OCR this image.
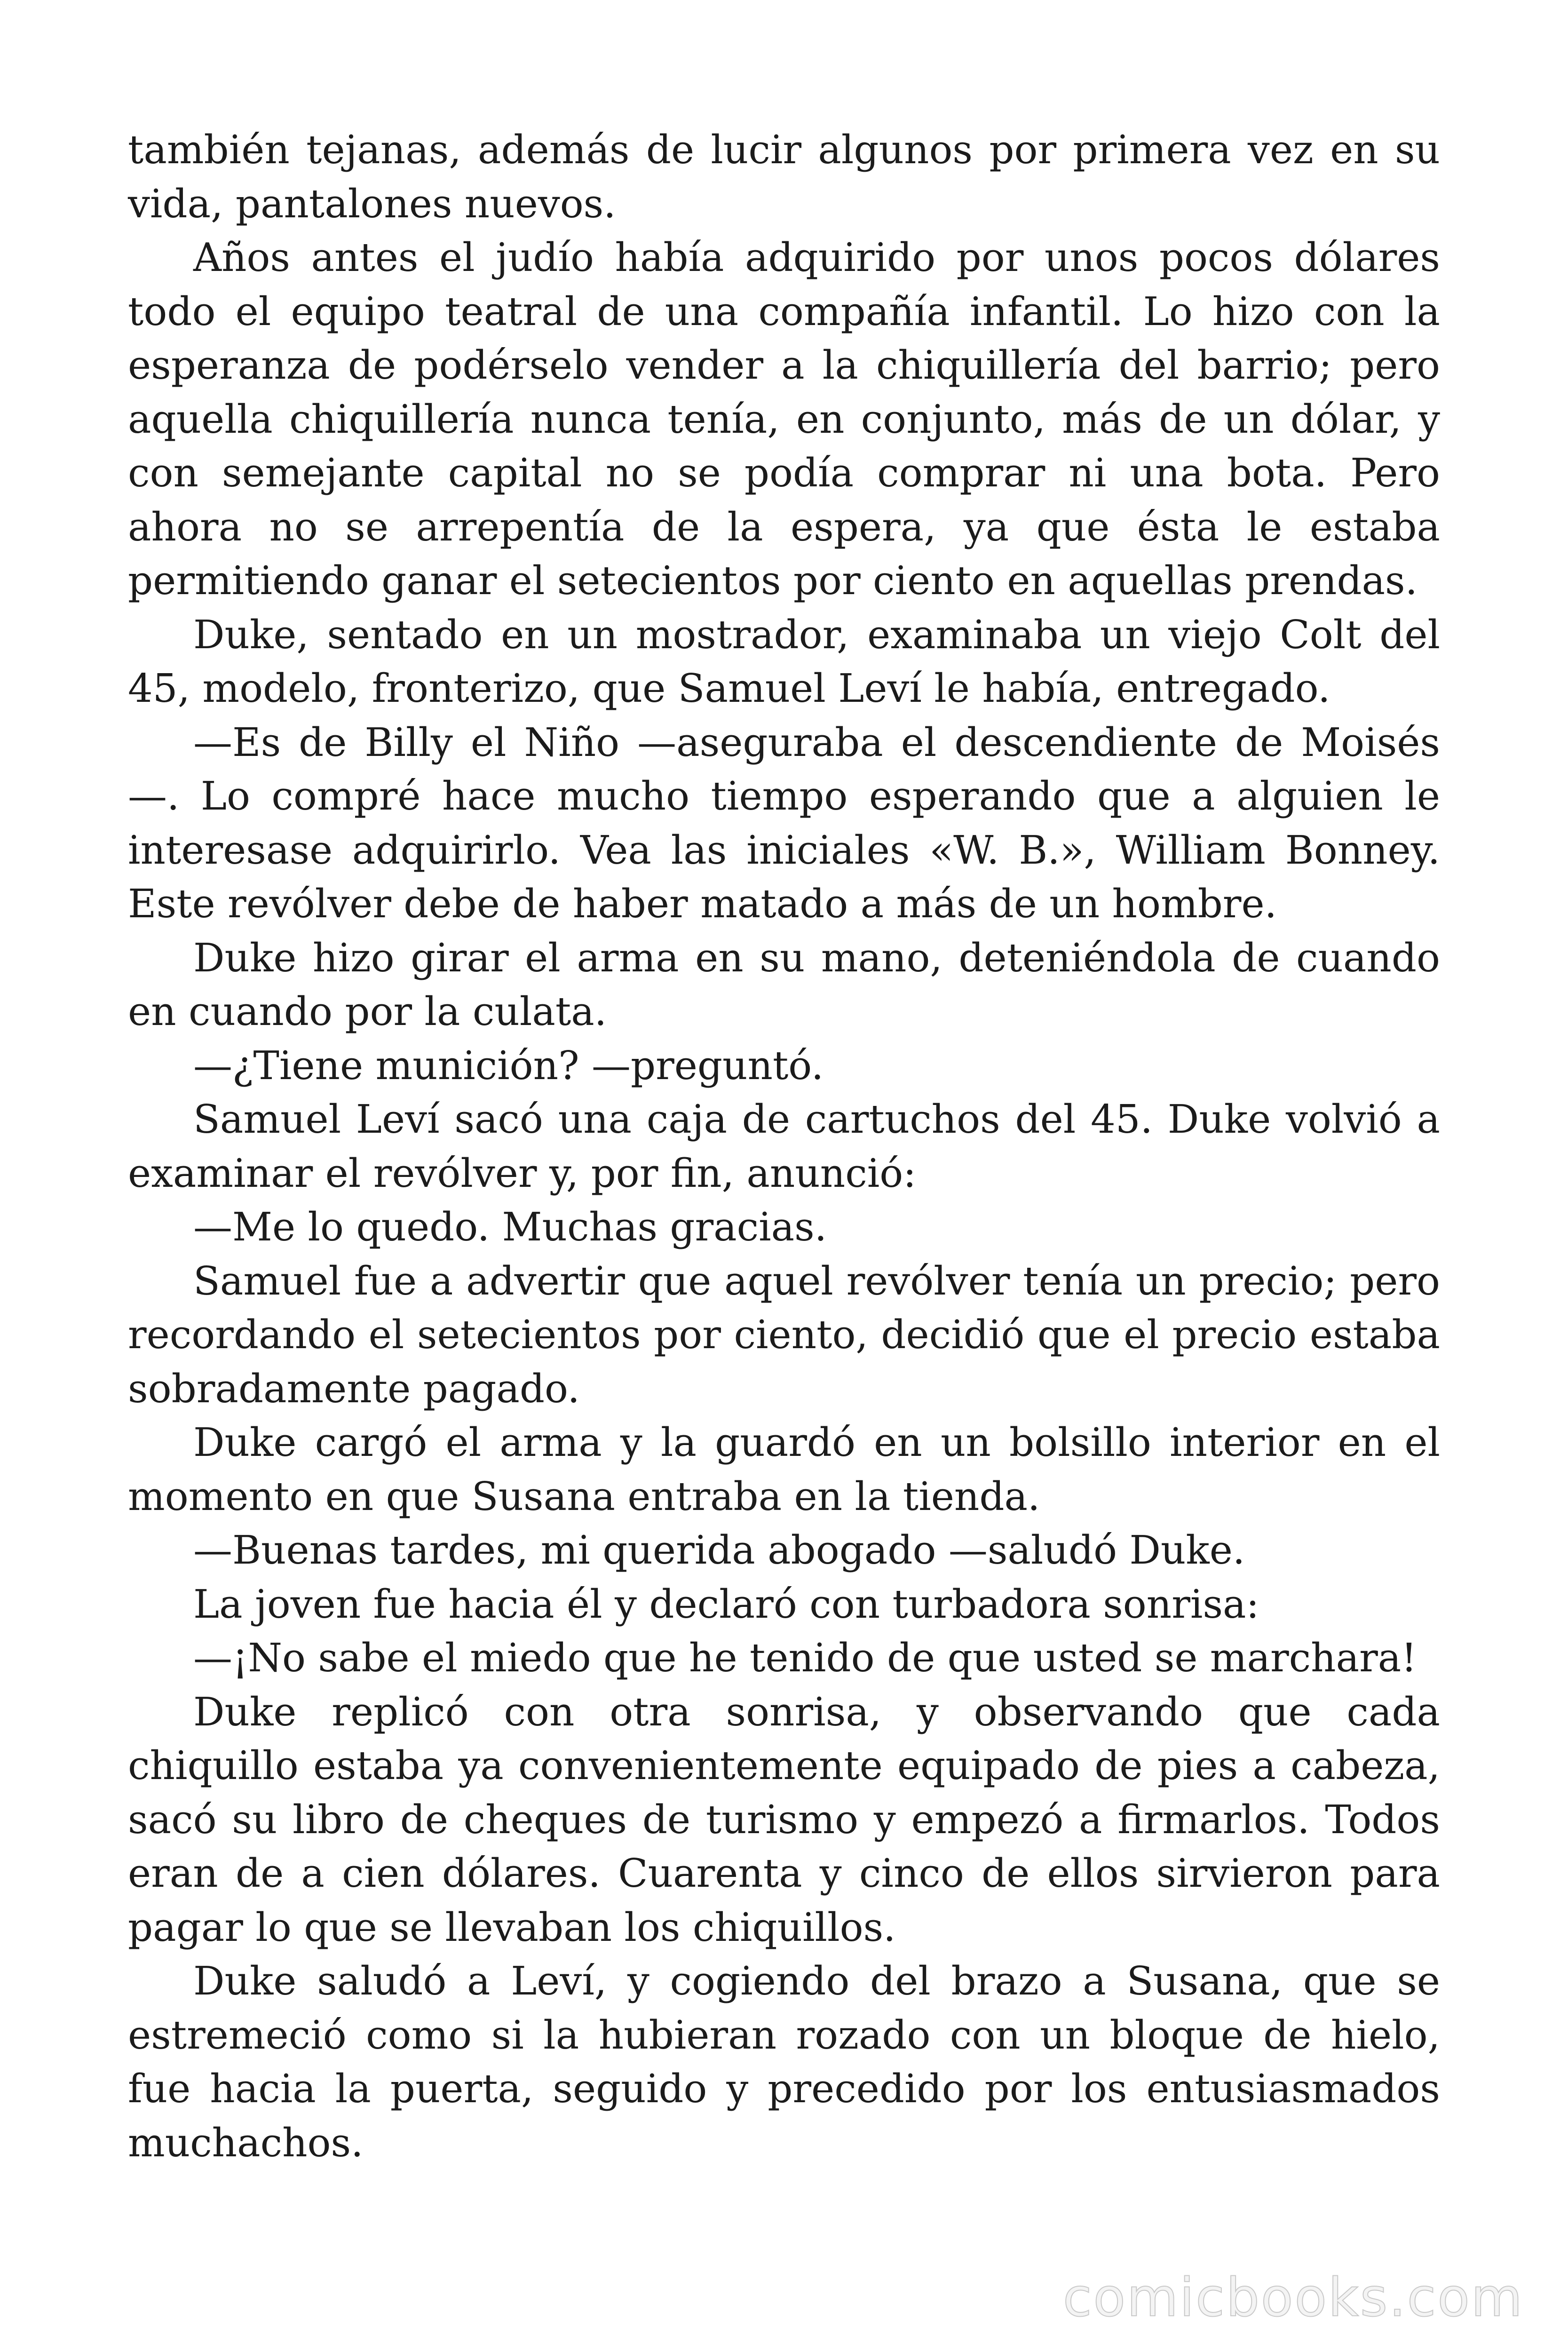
también tejanas, además de lucir algunos por primera vez en su vida, pantalones nuevos.

Años antes el judío había adquirido por unos pocos dólares todo el equipo teatral de una compañía infantil. Lo hizo con la esperanza de podérselo vender a la chiquillería del barrio; pero aquella chiquillería nunca tenía, en conjunto, más de un dólar, y con semejante capital no se podía comprar ni una bota. Pero ahora no se arrepentía de la espera, ya que ésta le estaba permitiendo ganar el setecientos por ciento en aquellas prendas.

Duke, sentado en un mostrador, examinaba un viejo Colt del 45, modelo, fronterizo, que Samuel Leví le había, entregado.

—Es de Billy el Niño —aseguraba el descendiente de Moisés—. Lo compré hace mucho tiempo esperando que a alguien le interesase adquirirlo. Vea las iniciales «W. B.», William Bonney. Este revólver debe de haber matado a más de un hombre.

Duke hizo girar el arma en su mano, deteniéndola de cuando en cuando por la culata.

—¿Tiene munición? —preguntó.

Samuel Leví sacó una caja de cartuchos del 45. Duke volvió a examinar el revólver y, por fin, anunció:

—Me lo quedo. Muchas gracias.

Samuel fue a advertir que aquel revólver tenía un precio; pero recordando el setecientos por ciento, decidió que el precio estaba sobradamente pagado.

Duke cargó el arma y la guardó en un bolsillo interior en el momento en que Susana entraba en la tienda.

—Buenas tardes, mi querida abogado —saludó Duke.

La joven fue hacia él y declaró con turbadora sonrisa:

—¡No sabe el miedo que he tenido de que usted se marchara!

Duke replicó con otra sonrisa, y observando que cada chiquillo estaba ya convenientemente equipado de pies a cabeza, sacó su libro de cheques de turismo y empezó a firmarlos. Todos eran de a cien dólares. Cuarenta y cinco de ellos sirvieron para pagar lo que se llevaban los chiquillos.

Duke saludó a Leví, y cogiendo del brazo a Susana, que se estremeció como si la hubieran rozado con un bloque de hielo, fue hacia la puerta, seguido y precedido por los entusiasmados muchachos.

comicbooks.com
